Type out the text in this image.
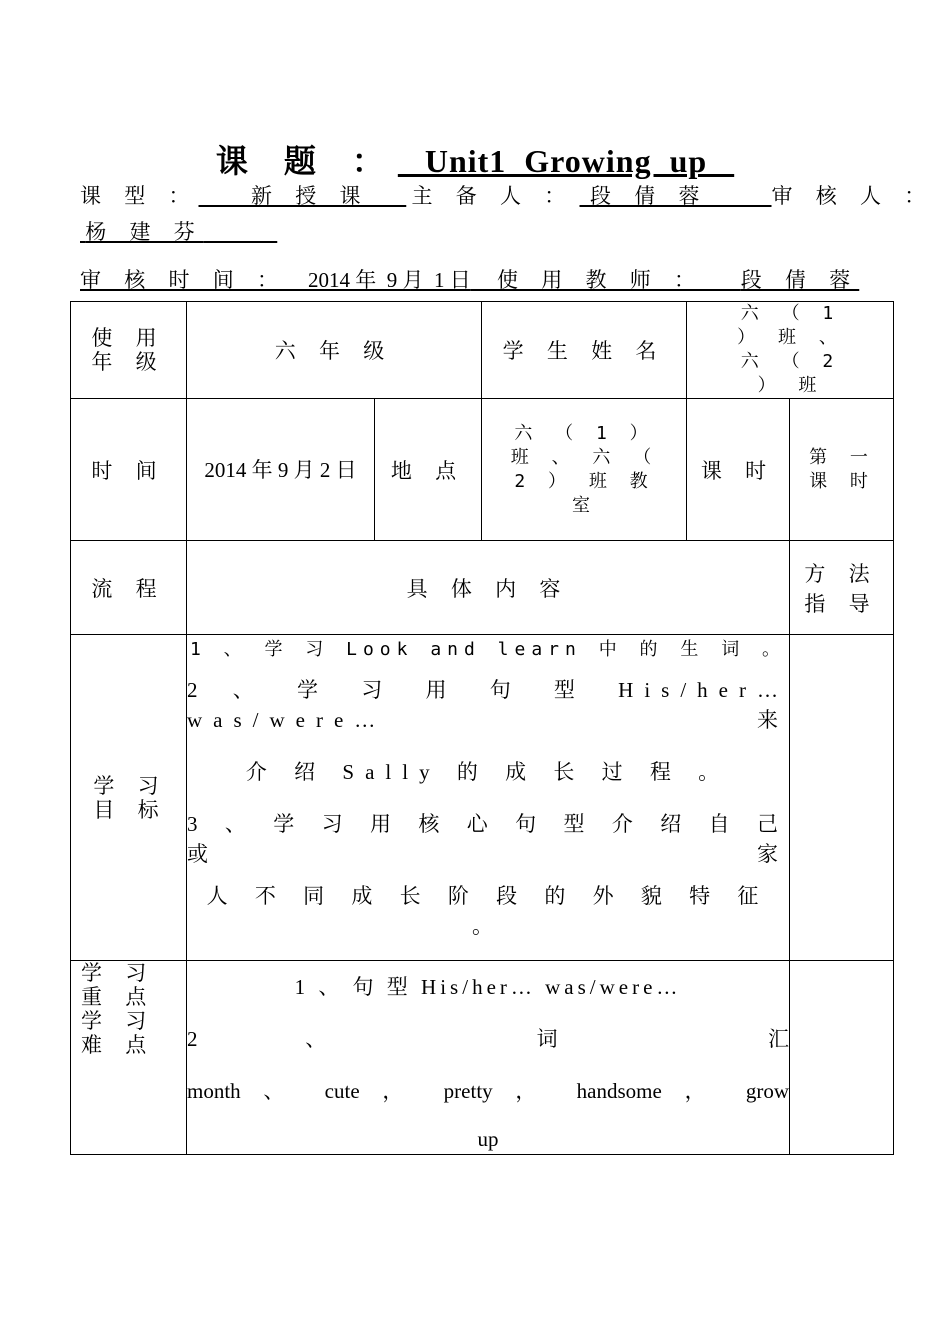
课 题 ：   Unit1  Growing  up
课 型 ：	新 授 课 主 备 人 ： 段 倩 蓉	审 核 人 ：
杨 建 芬
审 核 时 间 ： 2014 年  9 月  1 日 使 用 教 师 ： 段 倩 蓉
使 用 年 级	六 年 级		学 生 姓 名	六 （ 1 ） 班 、 六 （ 2 ） 班	

时 间	2014 年 9 月 2 日	地 点	六 （ 1 ） 班 、 六 （ 2 ） 班 教 室	课 时	第 一 课 时

流 程	具 体 内 容				方 法 指 导

学 习 目 标	1 、 学 习 Look and learn 中 的 生 词 。

2 、 学 习 用 句 型 His/her… was/were… 来

介 绍 Sally 的 成 长 过 程 。

3 、 学 习 用 核 心 句 型 介 绍 自 己 或 家

人 不 同 成 长 阶 段 的 外 貌 特 征 。				

学 习 重 点 学 习 难 点	1 、 句 型 His/her… was/were…

2 、 词 汇

month 、 cute ， pretty ， handsome ， grow

up				
